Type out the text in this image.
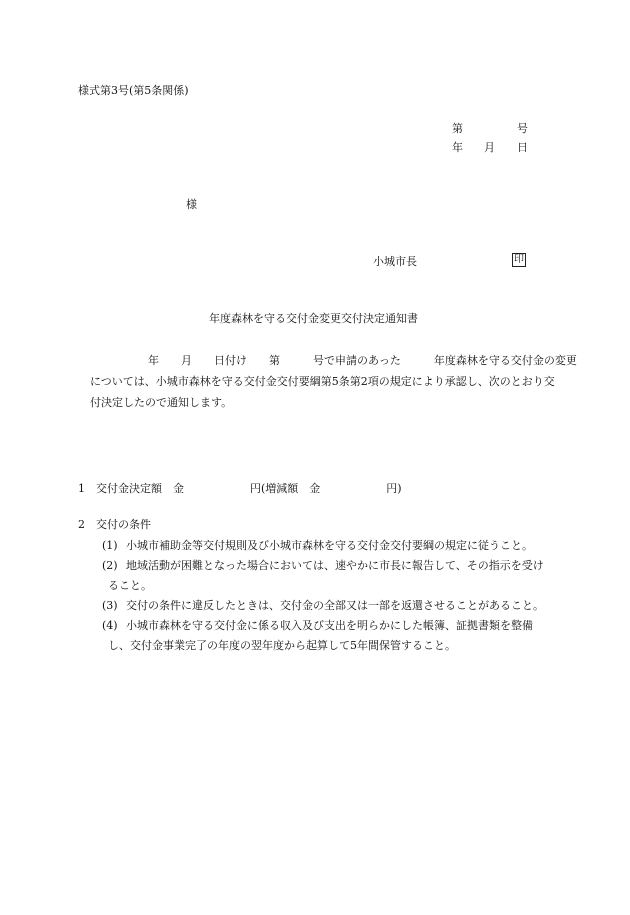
様式第3号(第5条関係)
第	号
年 月 日
様
小城市長	印
年度森林を守る交付金変更交付決定通知書
年　　月　　日付け　　第　　　号で申請のあった　　　年度森林を守る交付金の変更
については、小城市森林を守る交付金交付要綱第5条第2項の規定により承認し、次のとおり交
付決定したので通知します。
1　交付金決定額　金　　　　　　円(増減額　金　　　　　　円)
2　交付の条件
(1) 小城市補助金等交付規則及び小城市森林を守る交付金交付要綱の規定に従うこと。
(2) 地域活動が困難となった場合においては、速やかに市長に報告して、その指示を受け
ること。
(3) 交付の条件に違反したときは、交付金の全部又は一部を返還させることがあること。
(4) 小城市森林を守る交付金に係る収入及び支出を明らかにした帳簿、証拠書類を整備
し、交付金事業完了の年度の翌年度から起算して5年間保管すること。
